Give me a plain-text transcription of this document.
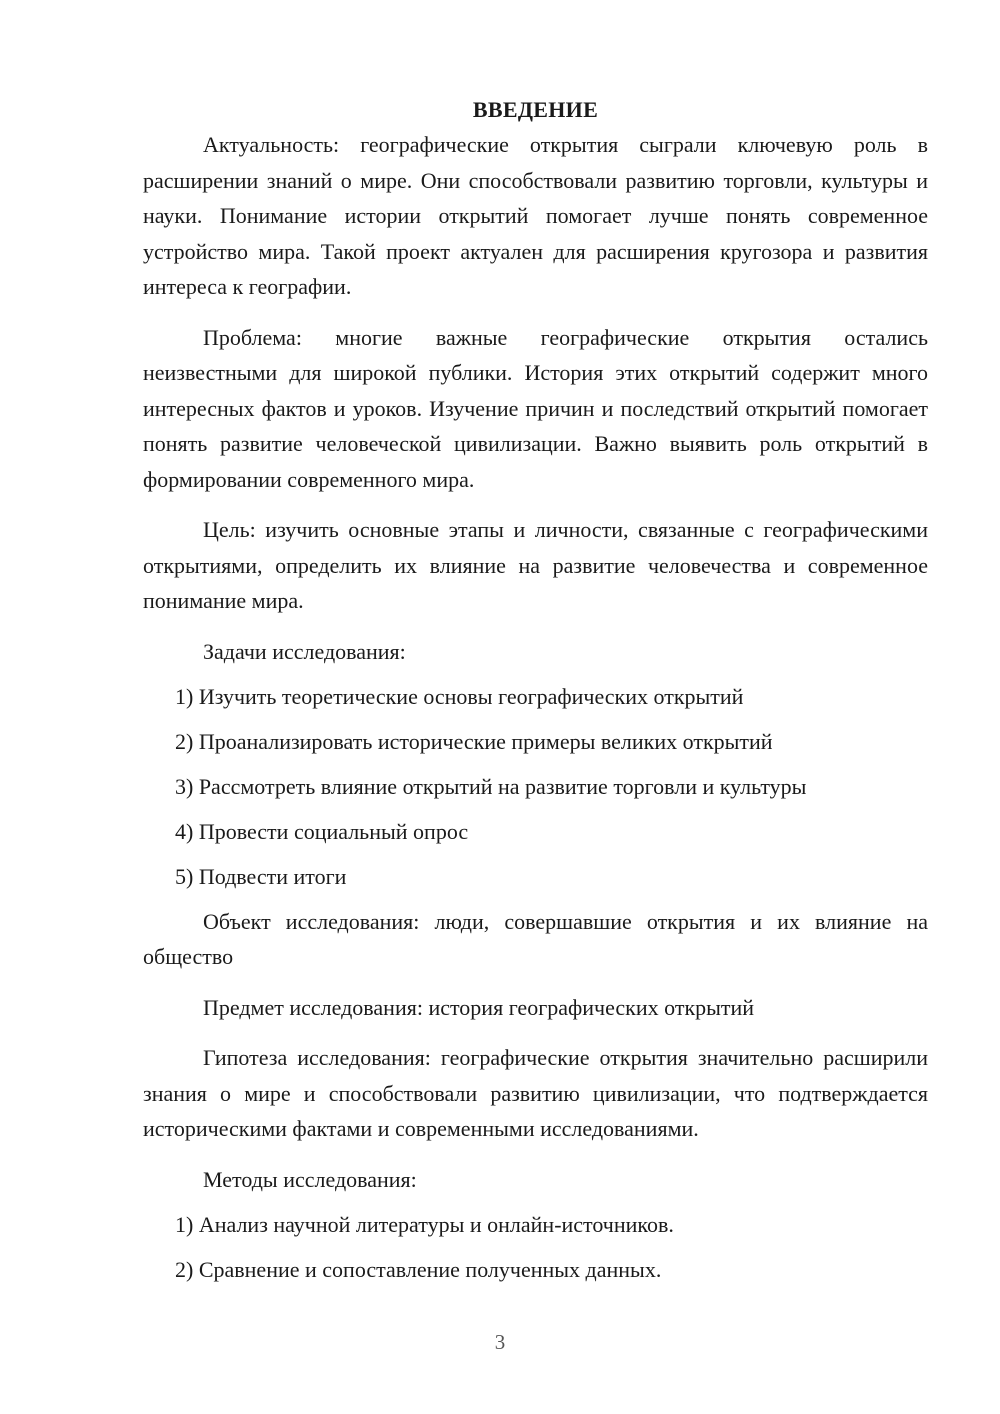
ВВЕДЕНИЕ

Актуальность: географические открытия сыграли ключевую роль в расширении знаний о мире. Они способствовали развитию торговли, культуры и науки. Понимание истории открытий помогает лучше понять современное устройство мира. Такой проект актуален для расширения кругозора и развития интереса к географии.

Проблема: многие важные географические открытия остались неизвестными для широкой публики. История этих открытий содержит много интересных фактов и уроков. Изучение причин и последствий открытий помогает понять развитие человеческой цивилизации. Важно выявить роль открытий в формировании современного мира.

Цель: изучить основные этапы и личности, связанные с географическими открытиями, определить их влияние на развитие человечества и современное понимание мира.

Задачи исследования:
1) Изучить теоретические основы географических открытий
2) Проанализировать исторические примеры великих открытий
3) Рассмотреть влияние открытий на развитие торговли и культуры
4) Провести социальный опрос
5) Подвести итоги

Объект исследования: люди, совершавшие открытия и их влияние на общество

Предмет исследования: история географических открытий

Гипотеза исследования: географические открытия значительно расширили знания о мире и способствовали развитию цивилизации, что подтверждается историческими фактами и современными исследованиями.

Методы исследования:
1) Анализ научной литературы и онлайн-источников.
2) Сравнение и сопоставление полученных данных.
3
